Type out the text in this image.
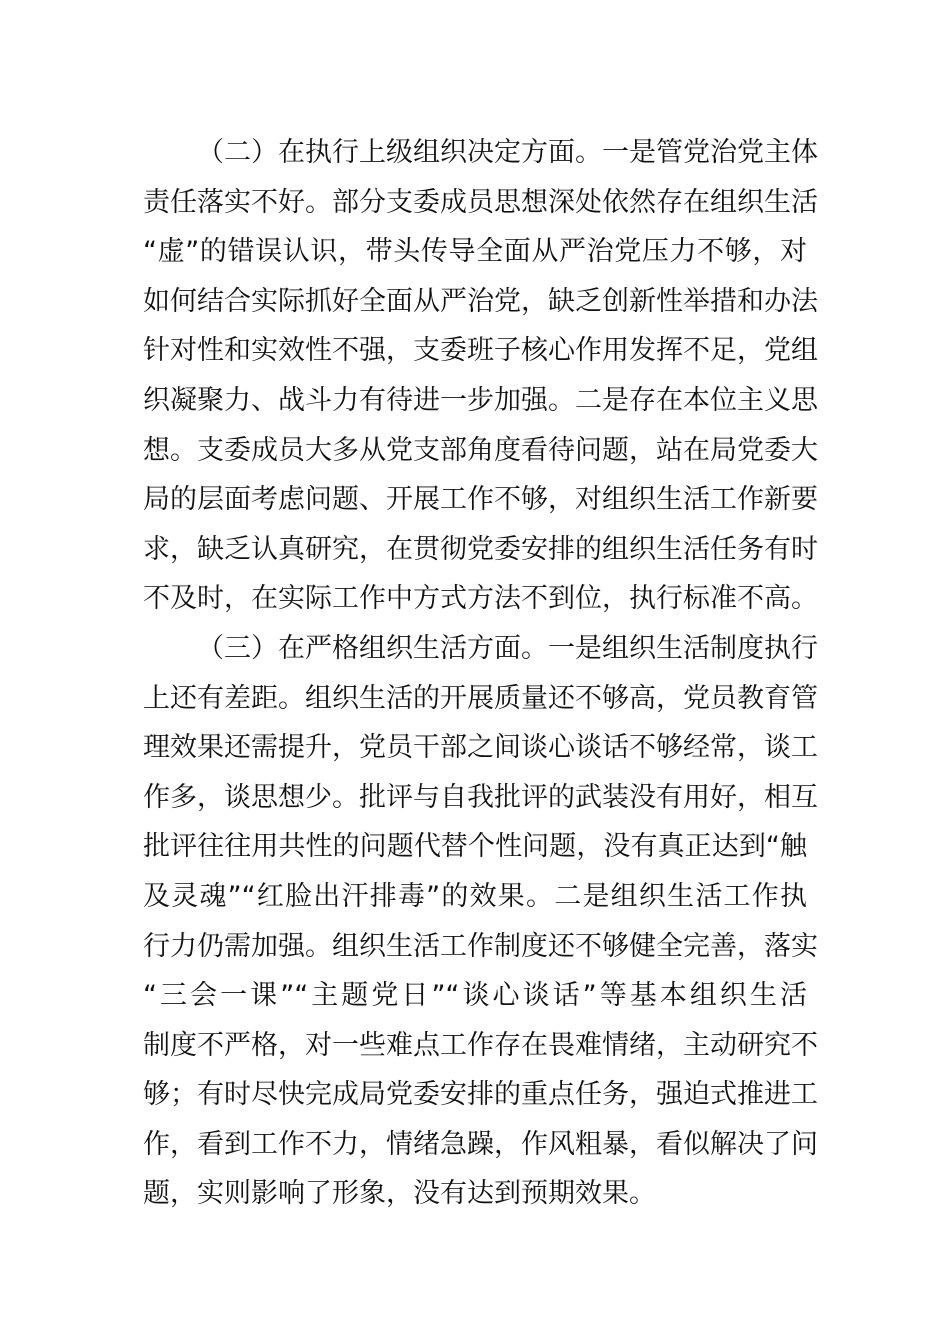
（二）在执行上级组织决定方面。一是管党治党主体
责任落实不好。部分支委成员思想深处依然存在组织生活
“虚”的错误认识，带头传导全面从严治党压力不够，对
如何结合实际抓好全面从严治党，缺乏创新性举措和办法
针对性和实效性不强，支委班子核心作用发挥不足，党组
织凝聚力、战斗力有待进一步加强。二是存在本位主义思
想。支委成员大多从党支部角度看待问题，站在局党委大
局的层面考虑问题、开展工作不够，对组织生活工作新要
求，缺乏认真研究，在贯彻党委安排的组织生活任务有时
不及时，在实际工作中方式方法不到位，执行标准不高。
（三）在严格组织生活方面。一是组织生活制度执行
上还有差距。组织生活的开展质量还不够高，党员教育管
理效果还需提升，党员干部之间谈心谈话不够经常，谈工
作多，谈思想少。批评与自我批评的武装没有用好，相互
批评往往用共性的问题代替个性问题，没有真正达到“触
及灵魂”“红脸出汗排毒”的效果。二是组织生活工作执
行力仍需加强。组织生活工作制度还不够健全完善，落实
“三会一课”“主题党日”“谈心谈话”等基本组织生活
制度不严格，对一些难点工作存在畏难情绪，主动研究不
够；有时尽快完成局党委安排的重点任务，强迫式推进工
作，看到工作不力，情绪急躁，作风粗暴，看似解决了问
题，实则影响了形象，没有达到预期效果。
